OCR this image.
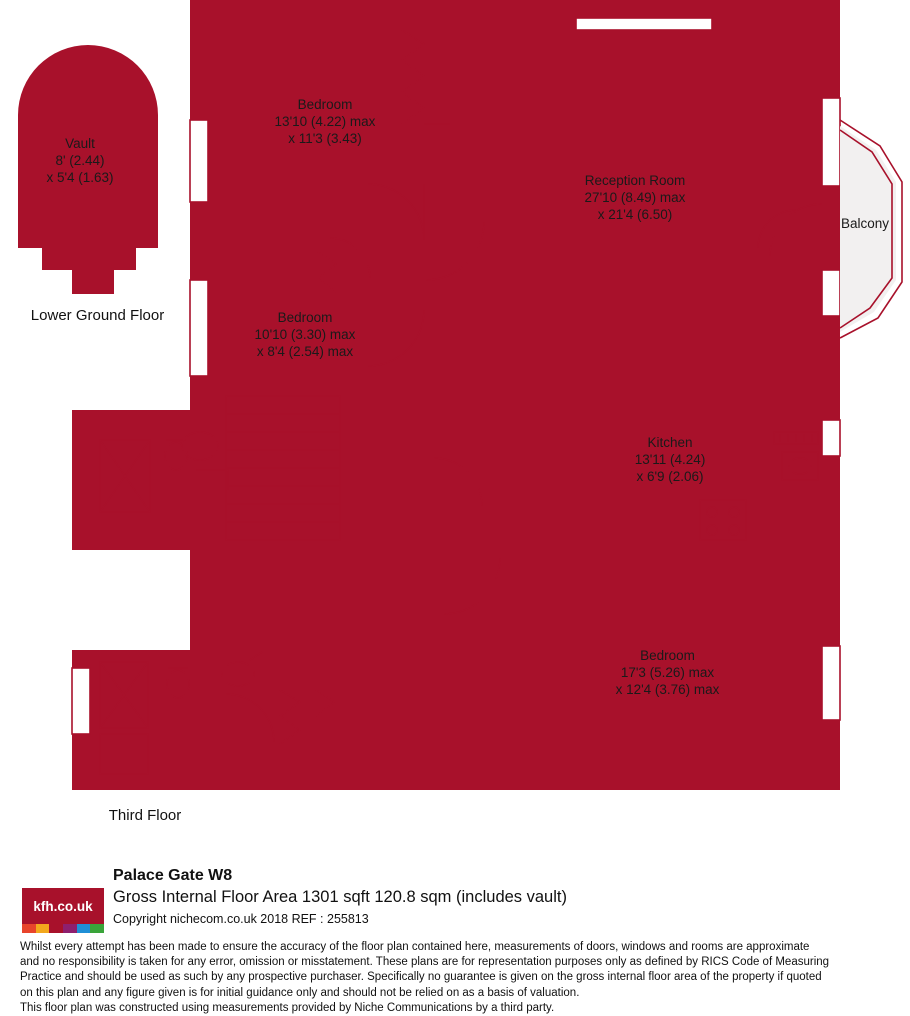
Vault
8' (2.44)
x 5'4 (1.63)
Bedroom
13'10 (4.22) max
x 11'3 (3.43)
Reception Room
27'10 (8.49) max
x 21'4 (6.50)
Balcony
Bedroom
10'10 (3.30) max
x 8'4 (2.54) max
Kitchen
13'11 (4.24)
x 6'9 (2.06)
Bedroom
17'3 (5.26) max
x 12'4 (3.76) max
Lower Ground Floor
Third Floor
kfh.co.uk
Palace Gate W8
Gross Internal Floor Area 1301 sqft 120.8 sqm (includes vault)
Copyright nichecom.co.uk 2018 REF : 255813
Whilst every attempt has been made to ensure the accuracy of the floor plan contained here, measurements of doors, windows and rooms are approximate
and no responsibility is taken for any error, omission or misstatement. These plans are for representation purposes only as defined by RICS Code of Measuring
Practice and should be used as such by any prospective purchaser. Specifically no guarantee is given on the gross internal floor area of the property if quoted
on this plan and any figure given is for initial guidance only and should not be relied on as a basis of valuation.
This floor plan was constructed using measurements provided by Niche Communications by a third party.
